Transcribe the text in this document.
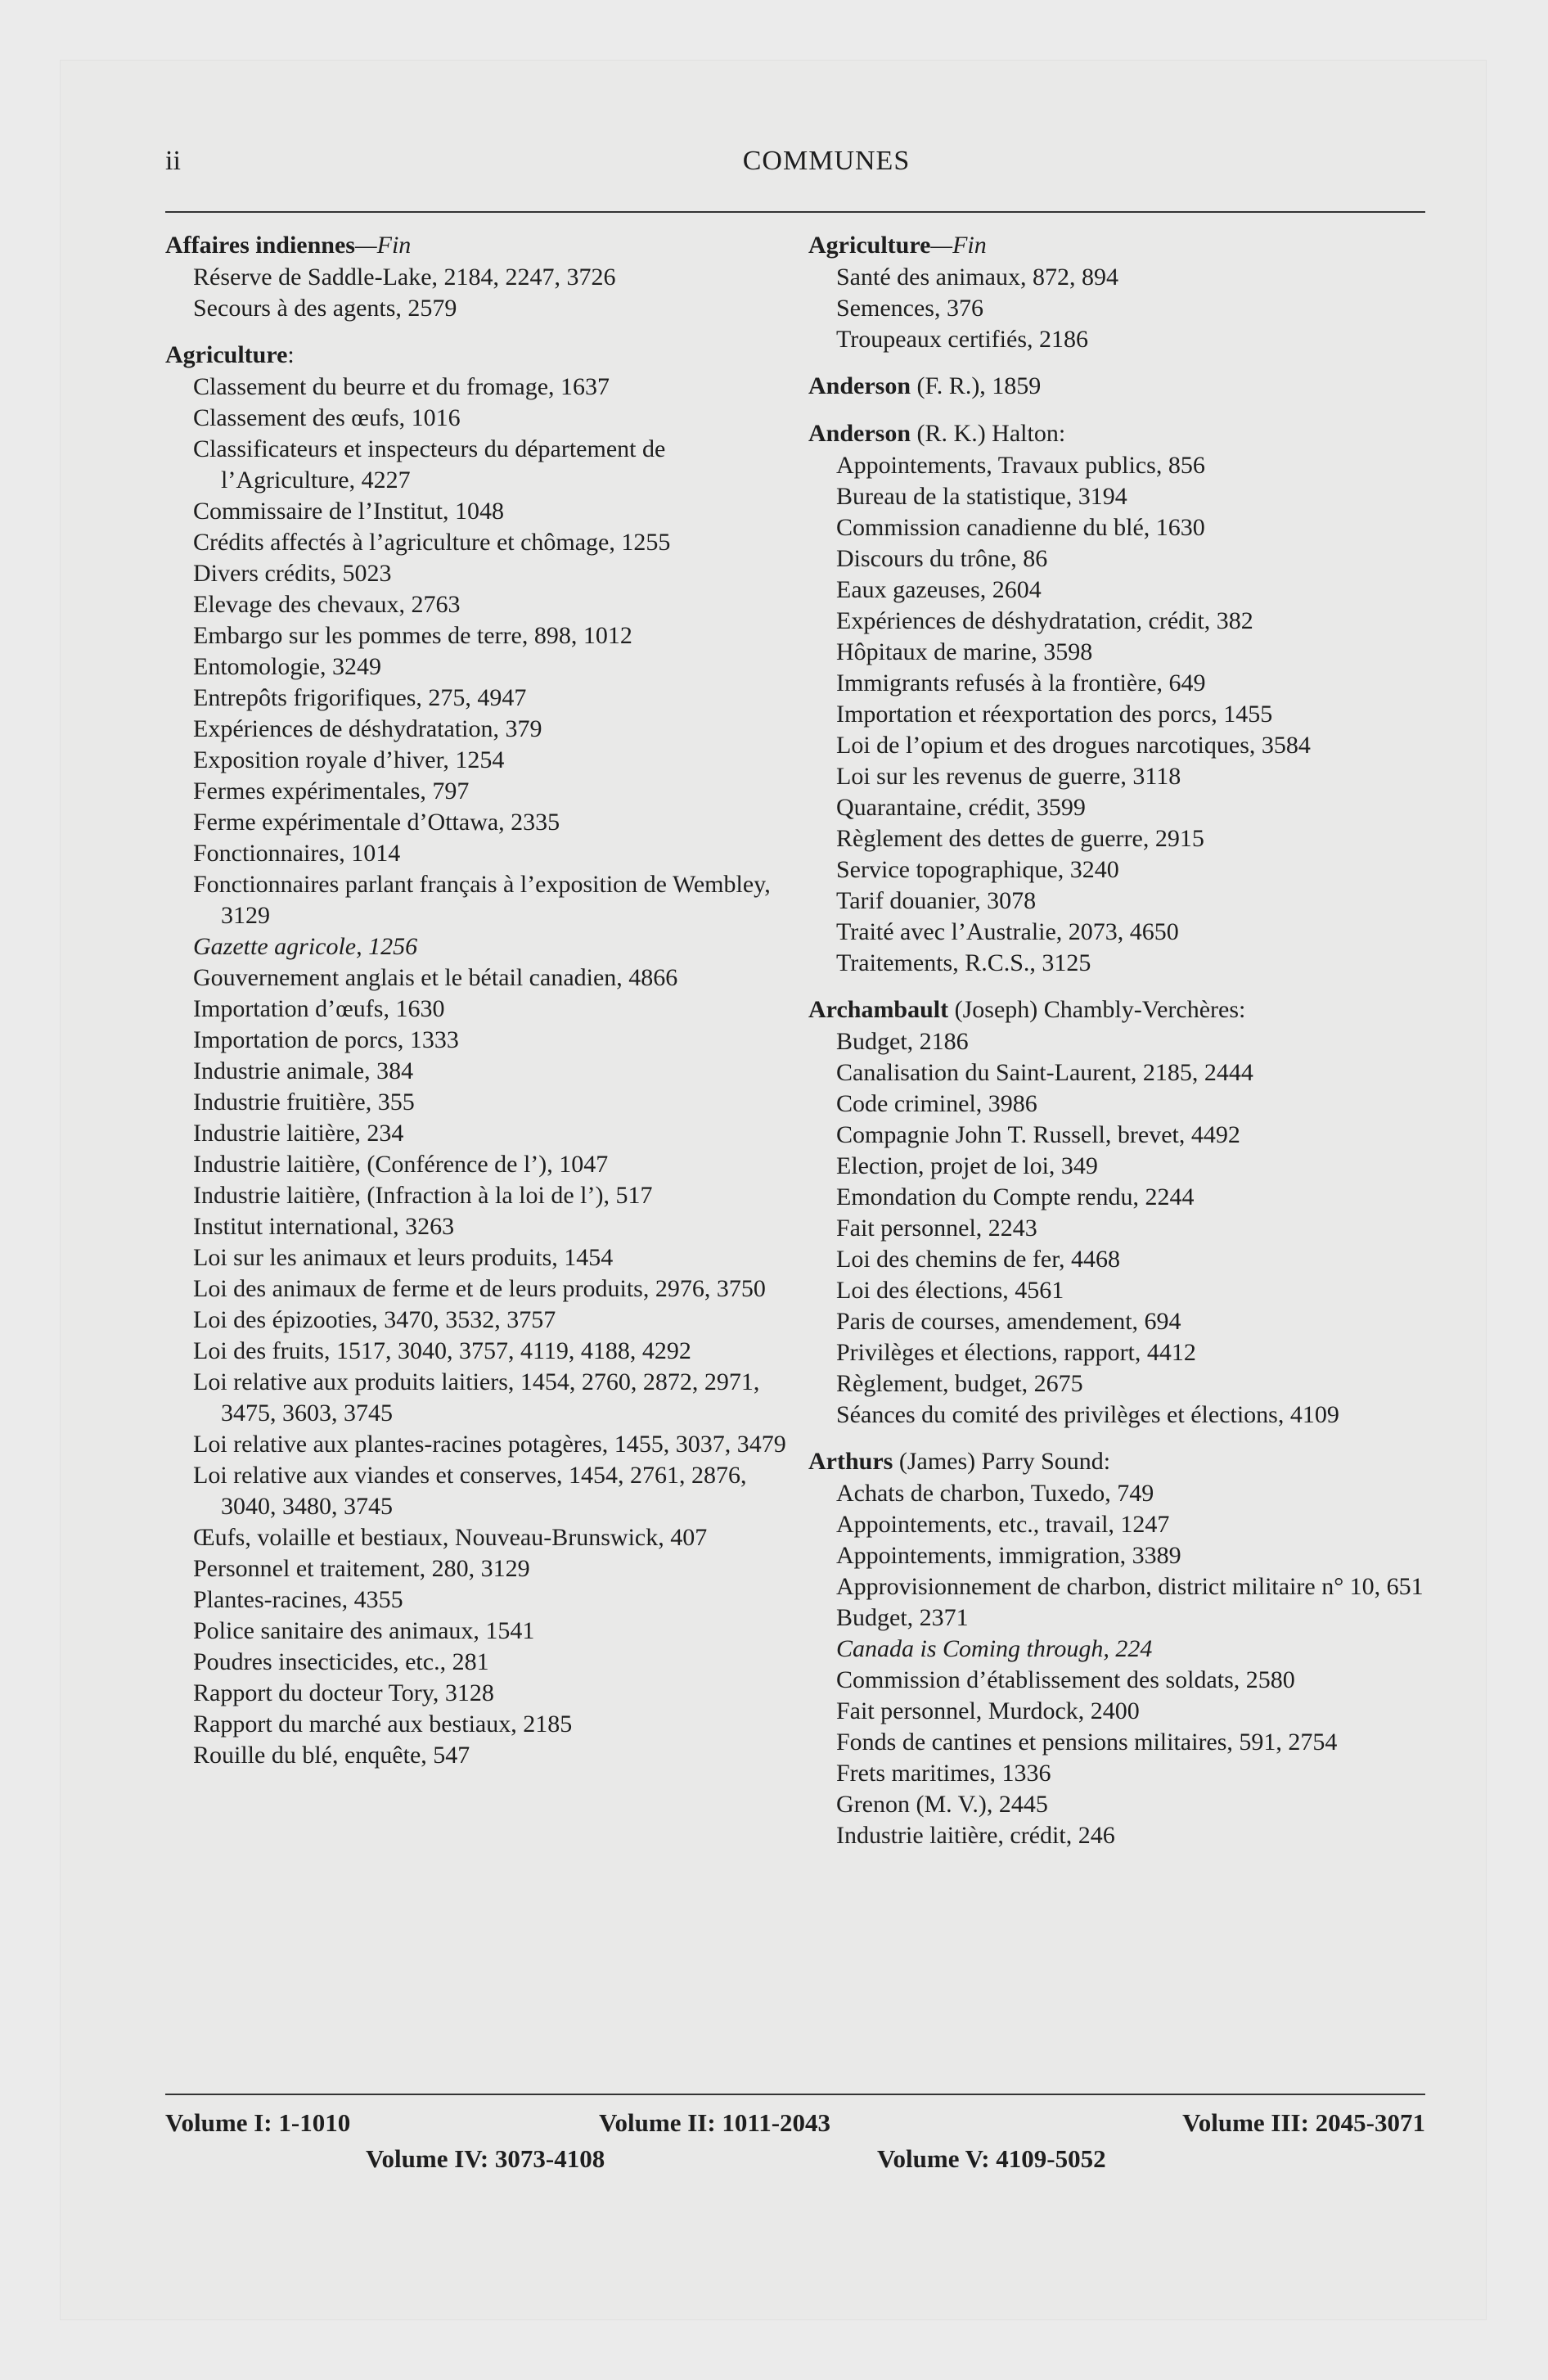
ii	COMMUNES

Affaires indiennes—Fin

Réserve de Saddle-Lake, 2184, 2247, 3726
Secours à des agents, 2579

Agriculture:

Classement du beurre et du fromage, 1637
Classement des œufs, 1016
Classificateurs et inspecteurs du département de l’Agriculture, 4227
Commissaire de l’Institut, 1048
Crédits affectés à l’agriculture et chômage, 1255
Divers crédits, 5023
Elevage des chevaux, 2763
Embargo sur les pommes de terre, 898, 1012
Entomologie, 3249
Entrepôts frigorifiques, 275, 4947
Expériences de déshydratation, 379
Exposition royale d’hiver, 1254
Fermes expérimentales, 797
Ferme expérimentale d’Ottawa, 2335
Fonctionnaires, 1014
Fonctionnaires parlant français à l’exposition de Wembley, 3129
Gazette agricole, 1256
Gouvernement anglais et le bétail canadien, 4866
Importation d’œufs, 1630
Importation de porcs, 1333
Industrie animale, 384
Industrie fruitière, 355
Industrie laitière, 234
Industrie laitière, (Conférence de l’), 1047
Industrie laitière, (Infraction à la loi de l’), 517
Institut international, 3263
Loi sur les animaux et leurs produits, 1454
Loi des animaux de ferme et de leurs produits, 2976, 3750
Loi des épizooties, 3470, 3532, 3757
Loi des fruits, 1517, 3040, 3757, 4119, 4188, 4292
Loi relative aux produits laitiers, 1454, 2760, 2872, 2971, 3475, 3603, 3745
Loi relative aux plantes-racines potagères, 1455, 3037, 3479
Loi relative aux viandes et conserves, 1454, 2761, 2876, 3040, 3480, 3745
Œufs, volaille et bestiaux, Nouveau-Brunswick, 407
Personnel et traitement, 280, 3129
Plantes-racines, 4355
Police sanitaire des animaux, 1541
Poudres insecticides, etc., 281
Rapport du docteur Tory, 3128
Rapport du marché aux bestiaux, 2185
Rouille du blé, enquête, 547

Agriculture—Fin

Santé des animaux, 872, 894
Semences, 376
Troupeaux certifiés, 2186

Anderson (F. R.), 1859

Anderson (R. K.) Halton:

Appointements, Travaux publics, 856
Bureau de la statistique, 3194
Commission canadienne du blé, 1630
Discours du trône, 86
Eaux gazeuses, 2604
Expériences de déshydratation, crédit, 382
Hôpitaux de marine, 3598
Immigrants refusés à la frontière, 649
Importation et réexportation des porcs, 1455
Loi de l’opium et des drogues narcotiques, 3584
Loi sur les revenus de guerre, 3118
Quarantaine, crédit, 3599
Règlement des dettes de guerre, 2915
Service topographique, 3240
Tarif douanier, 3078
Traité avec l’Australie, 2073, 4650
Traitements, R.C.S., 3125

Archambault (Joseph) Chambly-Verchères:

Budget, 2186
Canalisation du Saint-Laurent, 2185, 2444
Code criminel, 3986
Compagnie John T. Russell, brevet, 4492
Election, projet de loi, 349
Emondation du Compte rendu, 2244
Fait personnel, 2243
Loi des chemins de fer, 4468
Loi des élections, 4561
Paris de courses, amendement, 694
Privilèges et élections, rapport, 4412
Règlement, budget, 2675
Séances du comité des privilèges et élections, 4109

Arthurs (James) Parry Sound:

Achats de charbon, Tuxedo, 749
Appointements, etc., travail, 1247
Appointements, immigration, 3389
Approvisionnement de charbon, district militaire n° 10, 651
Budget, 2371
Canada is Coming through, 224
Commission d’établissement des soldats, 2580
Fait personnel, Murdock, 2400
Fonds de cantines et pensions militaires, 591, 2754
Frets maritimes, 1336
Grenon (M. V.), 2445
Industrie laitière, crédit, 246
Volume I: 1-1010	Volume II: 1011-2043	Volume III: 2045-3071
Volume IV: 3073-4108	Volume V: 4109-5052
